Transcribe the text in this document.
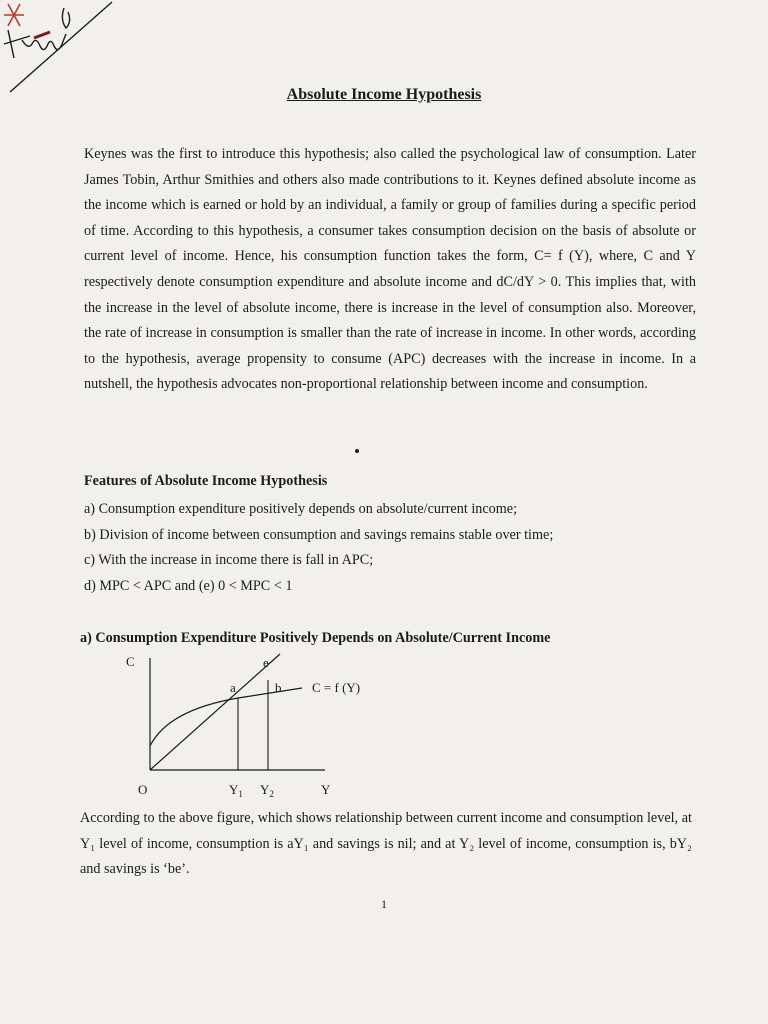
Absolute Income Hypothesis

Keynes was the first to introduce this hypothesis; also called the psychological law of consumption. Later James Tobin, Arthur Smithies and others also made contributions to it. Keynes defined absolute income as the income which is earned or hold by an individual, a family or group of families during a specific period of time. According to this hypothesis, a consumer takes consumption decision on the basis of absolute or current level of income. Hence, his consumption function takes the form, C= f (Y), where, C and Y respectively denote consumption expenditure and absolute income and dC/dY > 0. This implies that, with the increase in the level of absolute income, there is increase in the level of consumption also. Moreover, the rate of increase in consumption is smaller than the rate of increase in income. In other words, according to the hypothesis, average propensity to consume (APC) decreases with the increase in income. In a nutshell, the hypothesis advocates non-proportional relationship between income and consumption.

Features of Absolute Income Hypothesis
a) Consumption expenditure positively depends on absolute/current income;
b) Division of income between consumption and savings remains stable over time;
c) With the increase in income there is fall in APC;
d) MPC < APC and (e) 0 < MPC < 1
a) Consumption Expenditure Positively Depends on Absolute/Current Income
C
Y
O
e
a	b C = f (Y)
$Y_1$ $Y_2$

According to the above figure, which shows relationship between current income and consumption level, at Y₁ level of income, consumption is aY₁ and savings is nil; and at Y₂ level of income, consumption is, bY₂ and savings is ‘be’.

1
